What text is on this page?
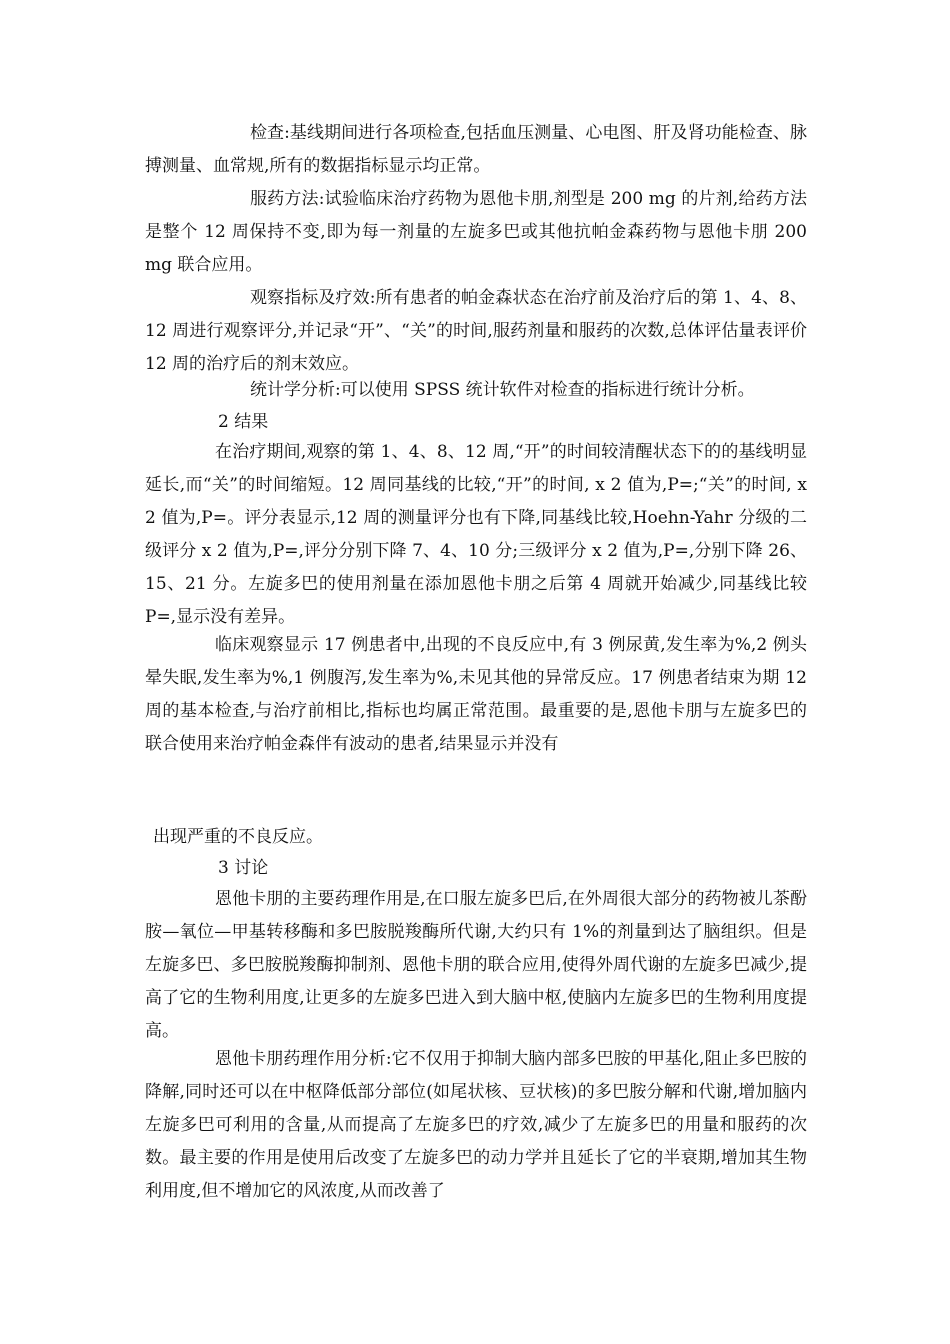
检查:基线期间进行各项检查,包括血压测量、心电图、肝及肾功能检查、脉搏测量、血常规,所有的数据指标显示均正常。

服药方法:试验临床治疗药物为恩他卡朋,剂型是 200 mg 的片剂,给药方法是整个 12 周保持不变,即为每一剂量的左旋多巴或其他抗帕金森药物与恩他卡朋 200 mg 联合应用。

观察指标及疗效:所有患者的帕金森状态在治疗前及治疗后的第 1、4、8、12 周进行观察评分,并记录“开”、“关”的时间,服药剂量和服药的次数,总体评估量表评价 12 周的治疗后的剂末效应。

统计学分析:可以使用 SPSS 统计软件对检查的指标进行统计分析。

2 结果

在治疗期间,观察的第 1、4、8、12 周,“开”的时间较清醒状态下的的基线明显延长,而“关”的时间缩短。12 周同基线的比较,“开”的时间, x 2 值为,P=;“关”的时间, x 2 值为,P=。评分表显示,12 周的测量评分也有下降,同基线比较,Hoehn-Yahr 分级的二级评分 x 2 值为,P=,评分分别下降 7、4、10 分;三级评分 x 2 值为,P=,分别下降 26、15、21 分。左旋多巴的使用剂量在添加恩他卡朋之后第 4 周就开始减少,同基线比较 P=,显示没有差异。

临床观察显示 17 例患者中,出现的不良反应中,有 3 例尿黄,发生率为%,2 例头晕失眠,发生率为%,1 例腹泻,发生率为%,未见其他的异常反应。17 例患者结束为期 12 周的基本检查,与治疗前相比,指标也均属正常范围。最重要的是,恩他卡朋与左旋多巴的联合使用来治疗帕金森伴有波动的患者,结果显示并没有

出现严重的不良反应。

3 讨论

恩他卡朋的主要药理作用是,在口服左旋多巴后,在外周很大部分的药物被儿茶酚胺—氧位—甲基转移酶和多巴胺脱羧酶所代谢,大约只有 1%的剂量到达了脑组织。但是左旋多巴、多巴胺脱羧酶抑制剂、恩他卡朋的联合应用,使得外周代谢的左旋多巴减少,提高了它的生物利用度,让更多的左旋多巴进入到大脑中枢,使脑内左旋多巴的生物利用度提高。

恩他卡朋药理作用分析:它不仅用于抑制大脑内部多巴胺的甲基化,阻止多巴胺的降解,同时还可以在中枢降低部分部位(如尾状核、豆状核)的多巴胺分解和代谢,增加脑内左旋多巴可利用的含量,从而提高了左旋多巴的疗效,减少了左旋多巴的用量和服药的次数。最主要的作用是使用后改变了左旋多巴的动力学并且延长了它的半衰期,增加其生物利用度,但不增加它的风浓度,从而改善了
